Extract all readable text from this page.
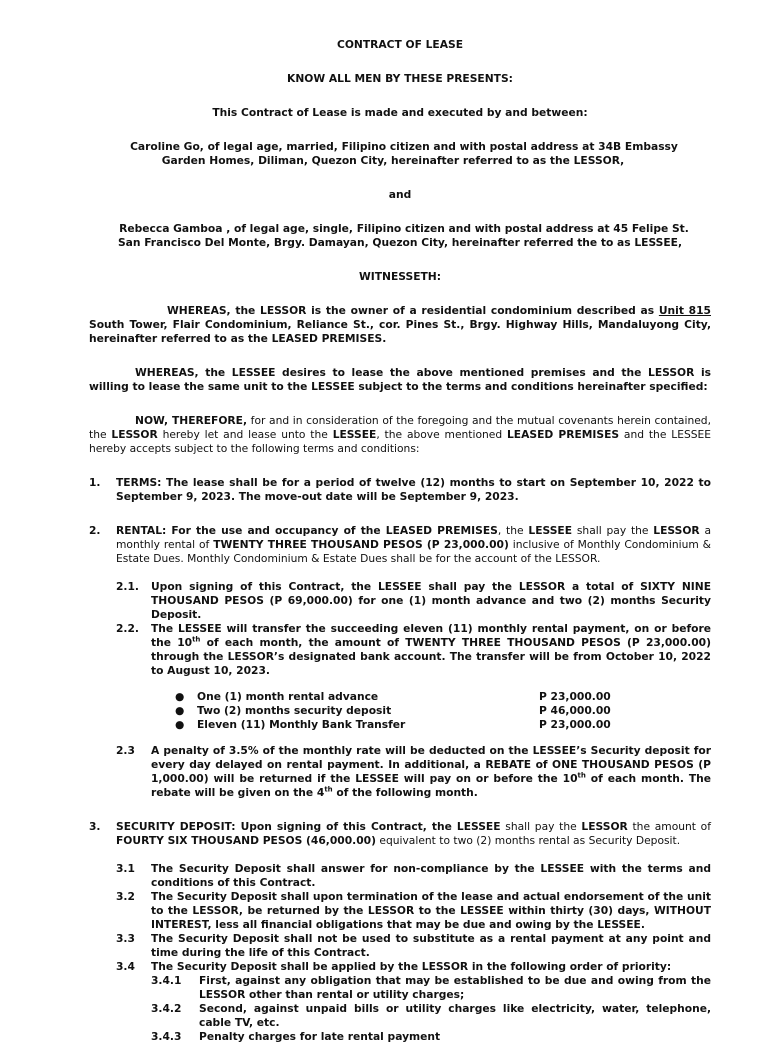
CONTRACT OF LEASE
KNOW ALL MEN BY THESE PRESENTS:
This Contract of Lease is made and executed by and between:
Caroline Go, of legal age, married, Filipino citizen and with postal address at 34B Embassy
Garden Homes, Diliman, Quezon City, hereinafter referred to as the LESSOR,
and
Rebecca Gamboa , of legal age, single, Filipino citizen and with postal address at 45 Felipe St.
San Francisco Del Monte, Brgy. Damayan, Quezon City, hereinafter referred the to as LESSEE,
WITNESSETH:
WHEREAS, the LESSOR is the owner of a residential condominium described as Unit 815 South Tower, Flair Condominium, Reliance St., cor. Pines St., Brgy. Highway Hills, Mandaluyong City, hereinafter referred to as the LEASED PREMISES.
WHEREAS, the LESSEE desires to lease the above mentioned premises and the LESSOR is willing to lease the same unit to the LESSEE subject to the terms and conditions hereinafter specified:
NOW, THEREFORE, for and in consideration of the foregoing and the mutual covenants herein contained, the LESSOR hereby let and lease unto the LESSEE, the above mentioned LEASED PREMISES and the LESSEE hereby accepts subject to the following terms and conditions:
1.	TERMS: The lease shall be for a period of twelve (12) months to start on September 10, 2022 to September 9, 2023. The move-out date will be September 9, 2023.
2.	RENTAL: For the use and occupancy of the LEASED PREMISES, the LESSEE shall pay the LESSOR a monthly rental of TWENTY THREE THOUSAND PESOS (P 23,000.00) inclusive of Monthly Condominium & Estate Dues. Monthly Condominium & Estate Dues shall be for the account of the LESSOR.
2.1.	Upon signing of this Contract, the LESSEE shall pay the LESSOR a total of SIXTY NINE THOUSAND PESOS (P 69,000.00) for one (1) month advance and two (2) months Security Deposit.
2.2.	The LESSEE will transfer the succeeding eleven (11) monthly rental payment, on or before the 10th of each month, the amount of TWENTY THREE THOUSAND PESOS (P 23,000.00) through the LESSOR’s designated bank account. The transfer will be from October 10, 2022 to August 10, 2023.
●	One (1) month rental advance	P 23,000.00
●	Two (2) months security deposit	P 46,000.00
●	Eleven (11) Monthly Bank Transfer	P 23,000.00
2.3	A penalty of 3.5% of the monthly rate will be deducted on the LESSEE’s Security deposit for every day delayed on rental payment. In additional, a REBATE of ONE THOUSAND PESOS (P 1,000.00) will be returned if the LESSEE will pay on or before the 10th of each month. The rebate will be given on the 4th of the following month.
3.	SECURITY DEPOSIT: Upon signing of this Contract, the LESSEE shall pay the LESSOR the amount of FOURTY SIX THOUSAND PESOS (46,000.00) equivalent to two (2) months rental as Security Deposit.
3.1	The Security Deposit shall answer for non-compliance by the LESSEE with the terms and conditions of this Contract.
3.2	The Security Deposit shall upon termination of the lease and actual endorsement of the unit to the LESSOR, be returned by the LESSOR to the LESSEE within thirty (30) days, WITHOUT INTEREST, less all financial obligations that may be due and owing by the LESSEE.
3.3	The Security Deposit shall not be used to substitute as a rental payment at any point and time during the life of this Contract.
3.4	The Security Deposit shall be applied by the LESSOR in the following order of priority:
3.4.1	First, against any obligation that may be established to be due and owing from the LESSOR other than rental or utility charges;
3.4.2	Second, against unpaid bills or utility charges like electricity, water, telephone, cable TV, etc.
3.4.3	Penalty charges for late rental payment
